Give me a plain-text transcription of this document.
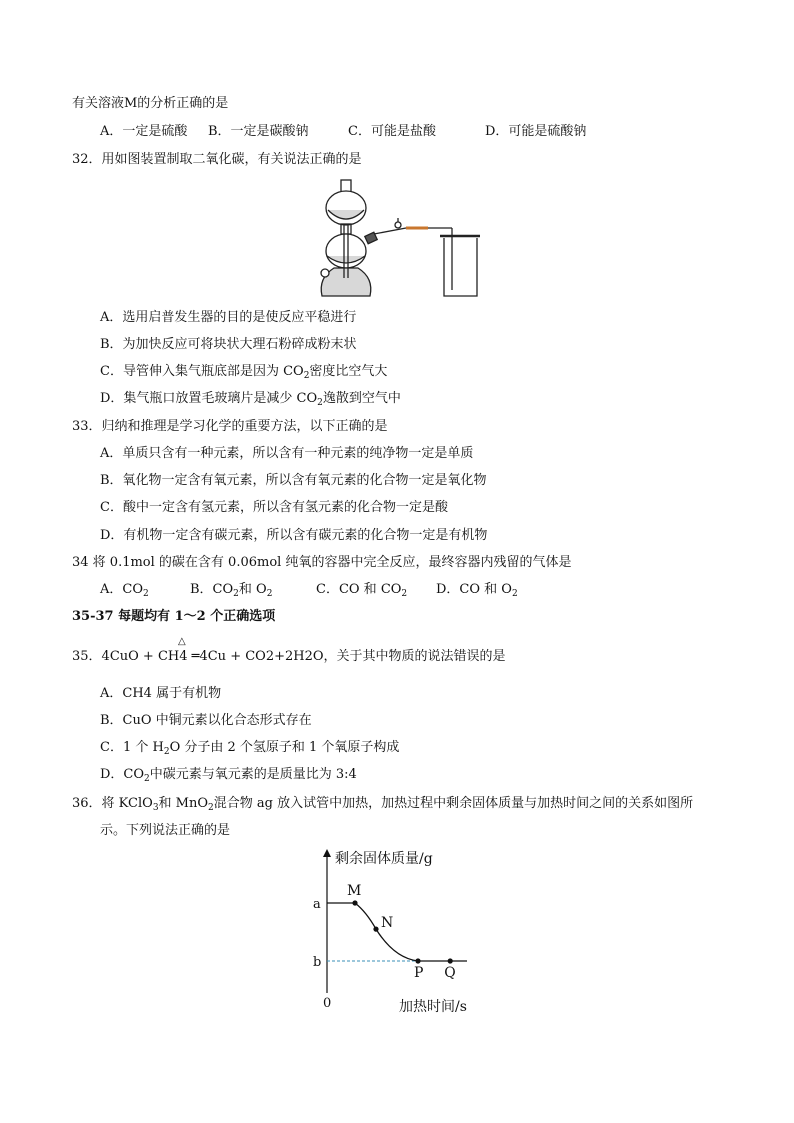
有关溶液M的分析正确的是
A．一定是硫酸 B．一定是碳酸钠	C．可能是盐酸	D．可能是硫酸钠
32．用如图装置制取二氧化碳，有关说法正确的是
A．选用启普发生器的目的是使反应平稳进行
B．为加快反应可将块状大理石粉碎成粉末状
C．导管伸入集气瓶底部是因为 $CO_2$密度比空气大
D．集气瓶口放置毛玻璃片是减少 $CO_2$逸散到空气中
33．归纳和推理是学习化学的重要方法，以下正确的是
A．单质只含有一种元素，所以含有一种元素的纯净物一定是单质
B．氧化物一定含有氧元素，所以含有氧元素的化合物一定是氧化物
C．酸中一定含有氢元素，所以含有氢元素的化合物一定是酸
D．有机物一定含有碳元素，所以含有碳元素的化合物一定是有机物
34 将 0.1mol 的碳在含有 0.06mol 纯氧的容器中完全反应，最终容器内残留的气体是
A．$CO_2$	B．$CO_2$和 $O_2$	C．CO 和 $CO_2$ D．CO 和 $O_2$
35-37 每题均有 1～2 个正确选项
△
35．4CuO + CH4 ═4Cu + CO2+2H2O，关于其中物质的说法错误的是
A．CH4 属于有机物
B．CuO 中铜元素以化合态形式存在
C．1 个 $H_2O$ 分子由 2 个氢原子和 1 个氧原子构成
D．$CO_2$中碳元素与氧元素的是质量比为 3:4
36．将 KClO$_3$和 MnO$_2$混合物 ag 放入试管中加热，加热过程中剩余固体质量与加热时间之间的关系如图所
示。下列说法正确的是
剩余固体质量/g
加热时间/s
0
a
b
M
N
P Q
